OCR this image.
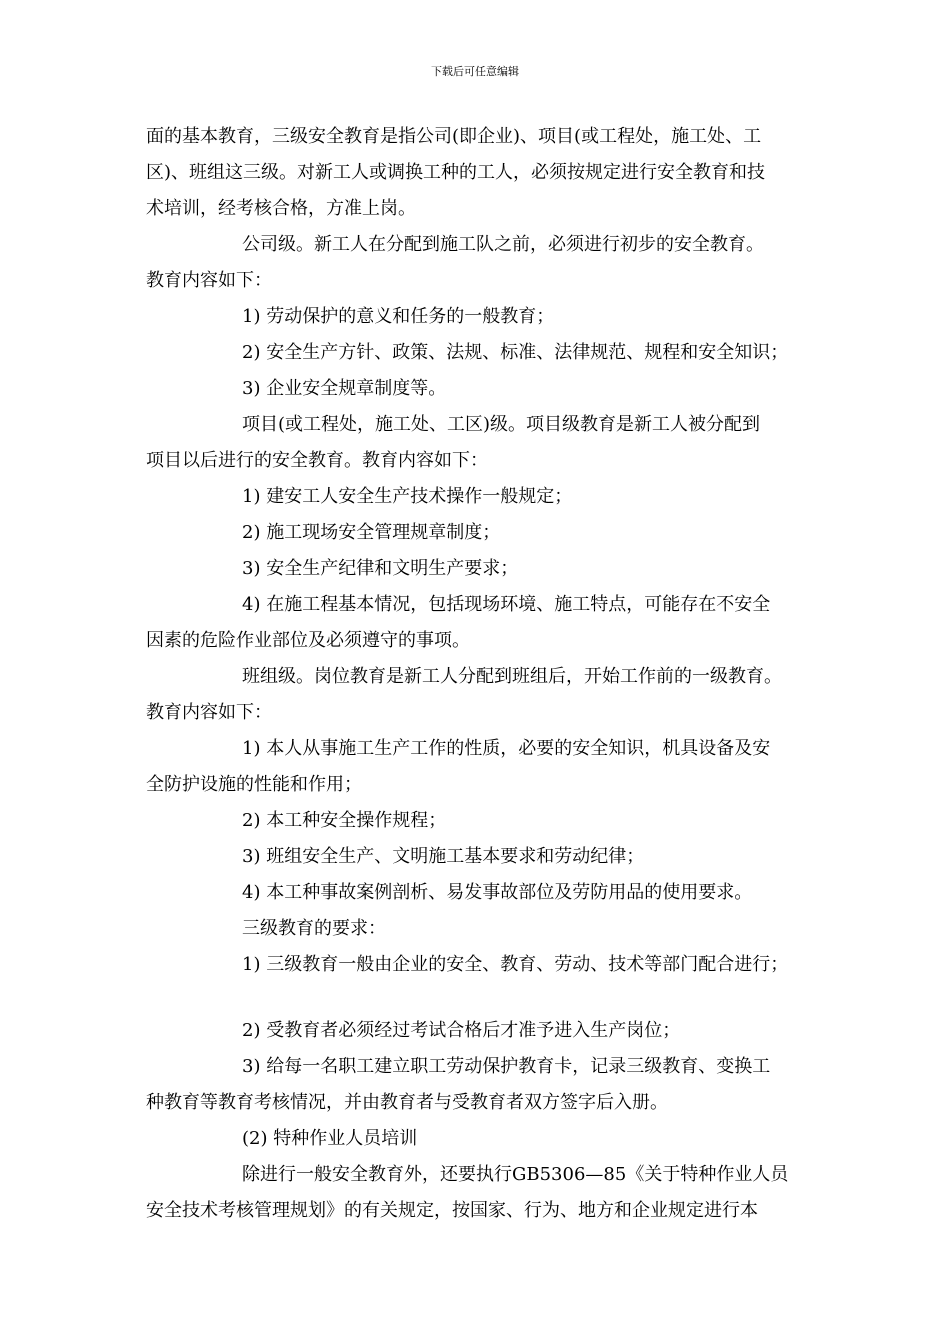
下载后可任意编辑
面的基本教育，三级安全教育是指公司(即企业)、项目(或工程处，施工处、工
区)、班组这三级。对新工人或调换工种的工人，必须按规定进行安全教育和技
术培训，经考核合格，方准上岗。
公司级。新工人在分配到施工队之前，必须进行初步的安全教育。
教育内容如下：
1) 劳动保护的意义和任务的一般教育；
2) 安全生产方针、政策、法规、标准、法律规范、规程和安全知识；
3) 企业安全规章制度等。
项目(或工程处，施工处、工区)级。项目级教育是新工人被分配到
项目以后进行的安全教育。教育内容如下：
1) 建安工人安全生产技术操作一般规定；
2) 施工现场安全管理规章制度；
3) 安全生产纪律和文明生产要求；
4) 在施工程基本情况，包括现场环境、施工特点，可能存在不安全
因素的危险作业部位及必须遵守的事项。
班组级。岗位教育是新工人分配到班组后，开始工作前的一级教育。
教育内容如下：
1) 本人从事施工生产工作的性质，必要的安全知识，机具设备及安
全防护设施的性能和作用；
2) 本工种安全操作规程；
3) 班组安全生产、文明施工基本要求和劳动纪律；
4) 本工种事故案例剖析、易发事故部位及劳防用品的使用要求。
三级教育的要求：
1) 三级教育一般由企业的安全、教育、劳动、技术等部门配合进行；
2) 受教育者必须经过考试合格后才准予进入生产岗位；
3) 给每一名职工建立职工劳动保护教育卡，记录三级教育、变换工
种教育等教育考核情况，并由教育者与受教育者双方签字后入册。
(2) 特种作业人员培训
除进行一般安全教育外，还要执行GB5306—85《关于特种作业人员
安全技术考核管理规划》的有关规定，按国家、行为、地方和企业规定进行本
